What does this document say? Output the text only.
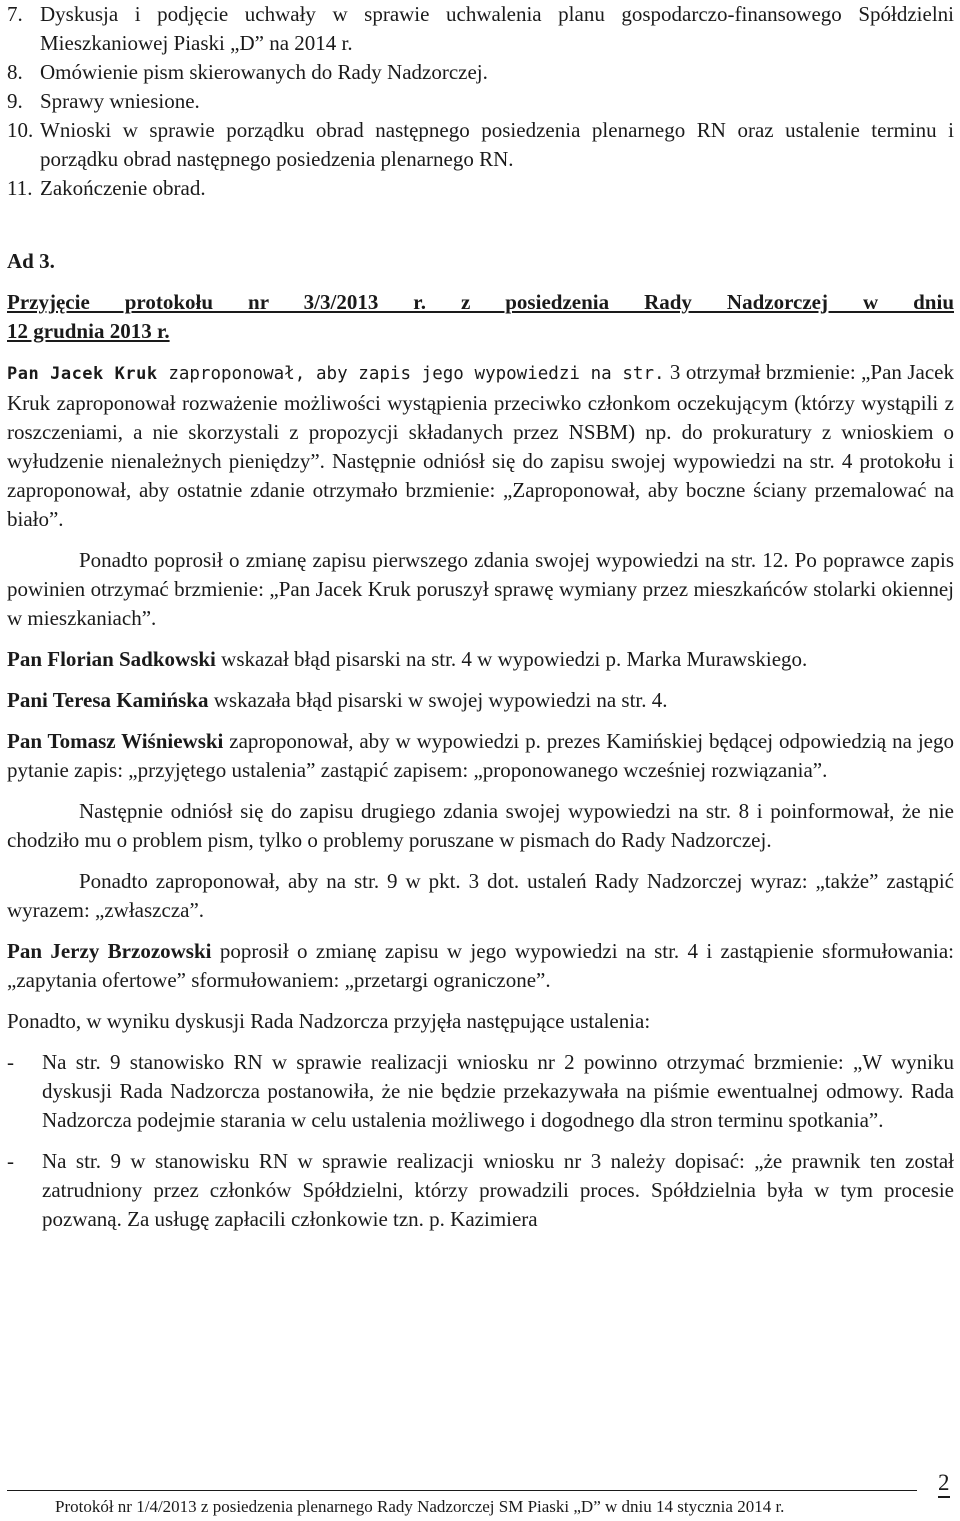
7. Dyskusja i podjęcie uchwały w sprawie uchwalenia planu gospodarczo-finansowego Spółdzielni Mieszkaniowej Piaski „D” na 2014 r.
8. Omówienie pism skierowanych do Rady Nadzorczej.
9. Sprawy wniesione.
10. Wnioski w sprawie porządku obrad następnego posiedzenia plenarnego RN oraz ustalenie terminu i porządku obrad następnego posiedzenia plenarnego RN.
11. Zakończenie obrad.

Ad 3.

Przyjęcie protokołu nr 3/3/2013 r. z posiedzenia Rady Nadzorczej w dniu

12 grudnia 2013 r.

Pan Jacek Kruk zaproponował, aby zapis jego wypowiedzi na str. 3 otrzymał brzmienie: „Pan Jacek Kruk zaproponował rozważenie możliwości wystąpienia przeciwko członkom oczekującym (którzy wystąpili z roszczeniami, a nie skorzystali z propozycji składanych przez NSBM) np. do prokuratury z wnioskiem o wyłudzenie nienależnych pieniędzy”. Następnie odniósł się do zapisu swojej wypowiedzi na str. 4 protokołu i zaproponował, aby ostatnie zdanie otrzymało brzmienie: „Zaproponował, aby boczne ściany przemalować na biało”.

Ponadto poprosił o zmianę zapisu pierwszego zdania swojej wypowiedzi na str. 12. Po poprawce zapis powinien otrzymać brzmienie: „Pan Jacek Kruk poruszył sprawę wymiany przez mieszkańców stolarki okiennej w mieszkaniach”.

Pan Florian Sadkowski wskazał błąd pisarski na str. 4 w wypowiedzi p. Marka Murawskiego.

Pani Teresa Kamińska wskazała błąd pisarski w swojej wypowiedzi na str. 4.

Pan Tomasz Wiśniewski zaproponował, aby w wypowiedzi p. prezes Kamińskiej będącej odpowiedzią na jego pytanie zapis: „przyjętego ustalenia” zastąpić zapisem: „proponowanego wcześniej rozwiązania”.

Następnie odniósł się do zapisu drugiego zdania swojej wypowiedzi na str. 8 i poinformował, że nie chodziło mu o problem pism, tylko o problemy poruszane w pismach do Rady Nadzorczej.

Ponadto zaproponował, aby na str. 9 w pkt. 3 dot. ustaleń Rady Nadzorczej wyraz: „także” zastąpić wyrazem: „zwłaszcza”.

Pan Jerzy Brzozowski poprosił o zmianę zapisu w jego wypowiedzi na str. 4 i zastąpienie sformułowania: „zapytania ofertowe” sformułowaniem: „przetargi ograniczone”.

Ponadto, w wyniku dyskusji Rada Nadzorcza przyjęła następujące ustalenia:

-	Na str. 9 stanowisko RN w sprawie realizacji wniosku nr 2 powinno otrzymać brzmienie: „W wyniku dyskusji Rada Nadzorcza postanowiła, że nie będzie przekazywała na piśmie ewentualnej odmowy. Rada Nadzorcza podejmie starania w celu ustalenia możliwego i dogodnego dla stron terminu spotkania”.
-	Na str. 9 w stanowisku RN w sprawie realizacji wniosku nr 3 należy dopisać: „że prawnik ten został zatrudniony przez członków Spółdzielni, którzy prowadzili proces. Spółdzielnia była w tym procesie pozwaną. Za usługę zapłacili członkowie tzn. p. Kazimiera
Protokół nr 1/4/2013 z posiedzenia plenarnego Rady Nadzorczej SM Piaski „D” w dniu 14 stycznia 2014 r.
2
